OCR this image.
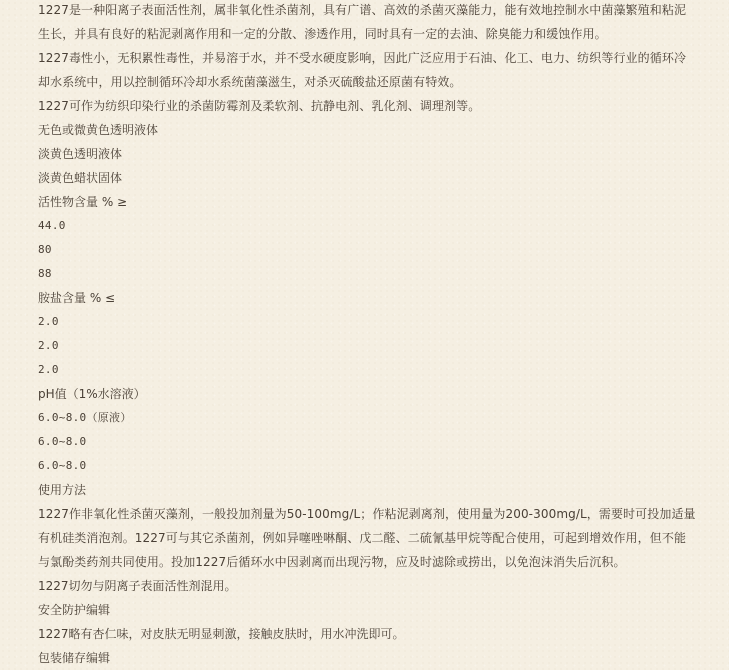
1227是一种阳离子表面活性剂，属非氧化性杀菌剂，具有广谱、高效的杀菌灭藻能力，能有效地控制水中菌藻繁殖和粘泥生长，并具有良好的粘泥剥离作用和一定的分散、渗透作用，同时具有一定的去油、除臭能力和缓蚀作用。

1227毒性小，无积累性毒性，并易溶于水，并不受水硬度影响，因此广泛应用于石油、化工、电力、纺织等行业的循环冷却水系统中，用以控制循环冷却水系统菌藻滋生，对杀灭硫酸盐还原菌有特效。

1227可作为纺织印染行业的杀菌防霉剂及柔软剂、抗静电剂、乳化剂、调理剂等。

无色或微黄色透明液体

淡黄色透明液体

淡黄色蜡状固体

活性物含量 % ≥

44.0

80

88

胺盐含量 % ≤

2.0

2.0

2.0

pH值（1%水溶液）

6.0~8.0（原液）

6.0~8.0

6.0~8.0

使用方法

1227作非氧化性杀菌灭藻剂，一般投加剂量为50-100mg/L；作粘泥剥离剂，使用量为200-300mg/L，需要时可投加适量有机硅类消泡剂。1227可与其它杀菌剂，例如异噻唑啉酮、戊二醛、二硫氰基甲烷等配合使用，可起到增效作用，但不能与氯酚类药剂共同使用。投加1227后循环水中因剥离而出现污物，应及时滤除或捞出，以免泡沫消失后沉积。

1227切勿与阴离子表面活性剂混用。

安全防护编辑

1227略有杏仁味，对皮肤无明显刺激，接触皮肤时，用水冲洗即可。

包装储存编辑
